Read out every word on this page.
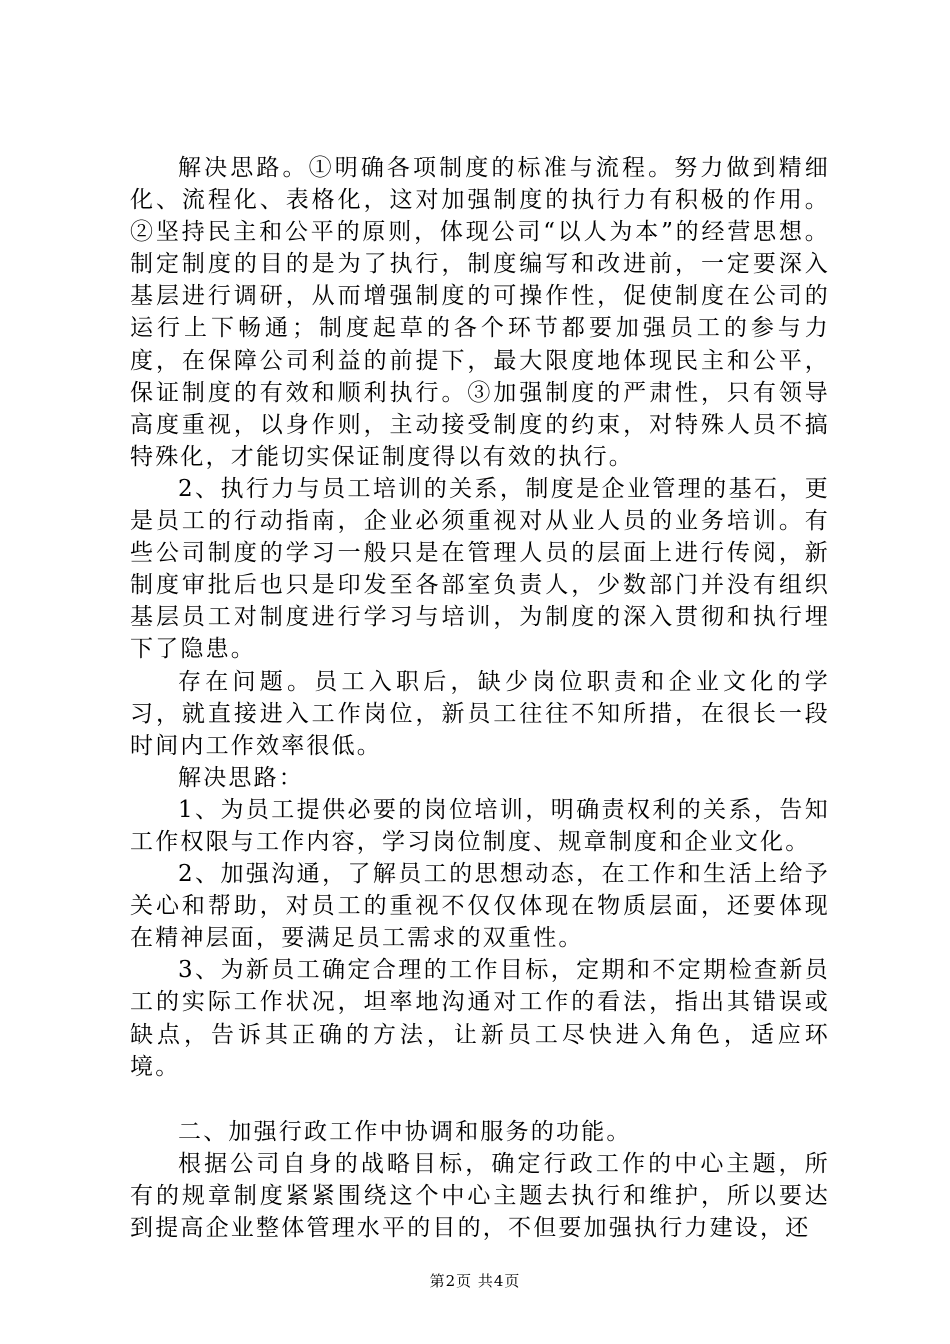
解决思路。①明确各项制度的标准与流程。努力做到精细化、流程化、表格化，这对加强制度的执行力有积极的作用。②坚持民主和公平的原则，体现公司“以人为本”的经营思想。制定制度的目的是为了执行，制度编写和改进前，一定要深入基层进行调研，从而增强制度的可操作性，促使制度在公司的运行上下畅通；制度起草的各个环节都要加强员工的参与力度，在保障公司利益的前提下，最大限度地体现民主和公平，保证制度的有效和顺利执行。③加强制度的严肃性，只有领导高度重视，以身作则，主动接受制度的约束，对特殊人员不搞特殊化，才能切实保证制度得以有效的执行。

2、执行力与员工培训的关系，制度是企业管理的基石，更是员工的行动指南，企业必须重视对从业人员的业务培训。有些公司制度的学习一般只是在管理人员的层面上进行传阅，新制度审批后也只是印发至各部室负责人，少数部门并没有组织基层员工对制度进行学习与培训，为制度的深入贯彻和执行埋下了隐患。

存在问题。员工入职后，缺少岗位职责和企业文化的学习，就直接进入工作岗位，新员工往往不知所措，在很长一段时间内工作效率很低。

解决思路：

1、为员工提供必要的岗位培训，明确责权利的关系，告知工作权限与工作内容，学习岗位制度、规章制度和企业文化。

2、加强沟通，了解员工的思想动态，在工作和生活上给予关心和帮助，对员工的重视不仅仅体现在物质层面，还要体现在精神层面，要满足员工需求的双重性。

3、为新员工确定合理的工作目标，定期和不定期检查新员工的实际工作状况，坦率地沟通对工作的看法，指出其错误或缺点，告诉其正确的方法，让新员工尽快进入角色，适应环境。

二、加强行政工作中协调和服务的功能。

根据公司自身的战略目标，确定行政工作的中心主题，所有的规章制度紧紧围绕这个中心主题去执行和维护，所以要达到提高企业整体管理水平的目的，不但要加强执行力建设，还

第2页 共4页
